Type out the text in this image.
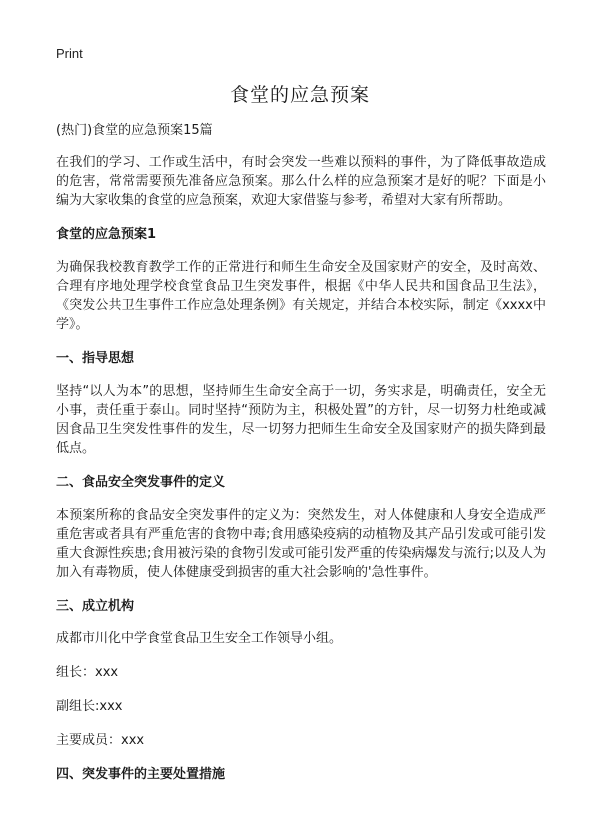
Print
食堂的应急预案
(热门)食堂的应急预案15篇

在我们的学习、工作或生活中，有时会突发一些难以预料的事件，为了降低事故造成的危害，常常需要预先准备应急预案。那么什么样的应急预案才是好的呢？下面是小编为大家收集的食堂的应急预案，欢迎大家借鉴与参考，希望对大家有所帮助。

食堂的应急预案1

为确保我校教育教学工作的正常进行和师生生命安全及国家财产的安全，及时高效、合理有序地处理学校食堂食品卫生突发事件，根据《中华人民共和国食品卫生法》，《突发公共卫生事件工作应急处理条例》有关规定，并结合本校实际，制定《xxxx中学》。

一、指导思想

坚持“以人为本”的思想，坚持师生生命安全高于一切，务实求是，明确责任，安全无小事，责任重于泰山。同时坚持“预防为主，积极处置”的方针，尽一切努力杜绝或减因食品卫生突发性事件的发生，尽一切努力把师生生命安全及国家财产的损失降到最低点。

二、食品安全突发事件的定义

本预案所称的食品安全突发事件的定义为：突然发生，对人体健康和人身安全造成严重危害或者具有严重危害的食物中毒;食用感染疫病的动植物及其产品引发或可能引发重大食源性疾患;食用被污染的食物引发或可能引发严重的传染病爆发与流行;以及人为加入有毒物质，使人体健康受到损害的重大社会影响的'急性事件。

三、成立机构

成都市川化中学食堂食品卫生安全工作领导小组。

组长：xxx

副组长:xxx

主要成员：xxx

四、突发事件的主要处置措施
